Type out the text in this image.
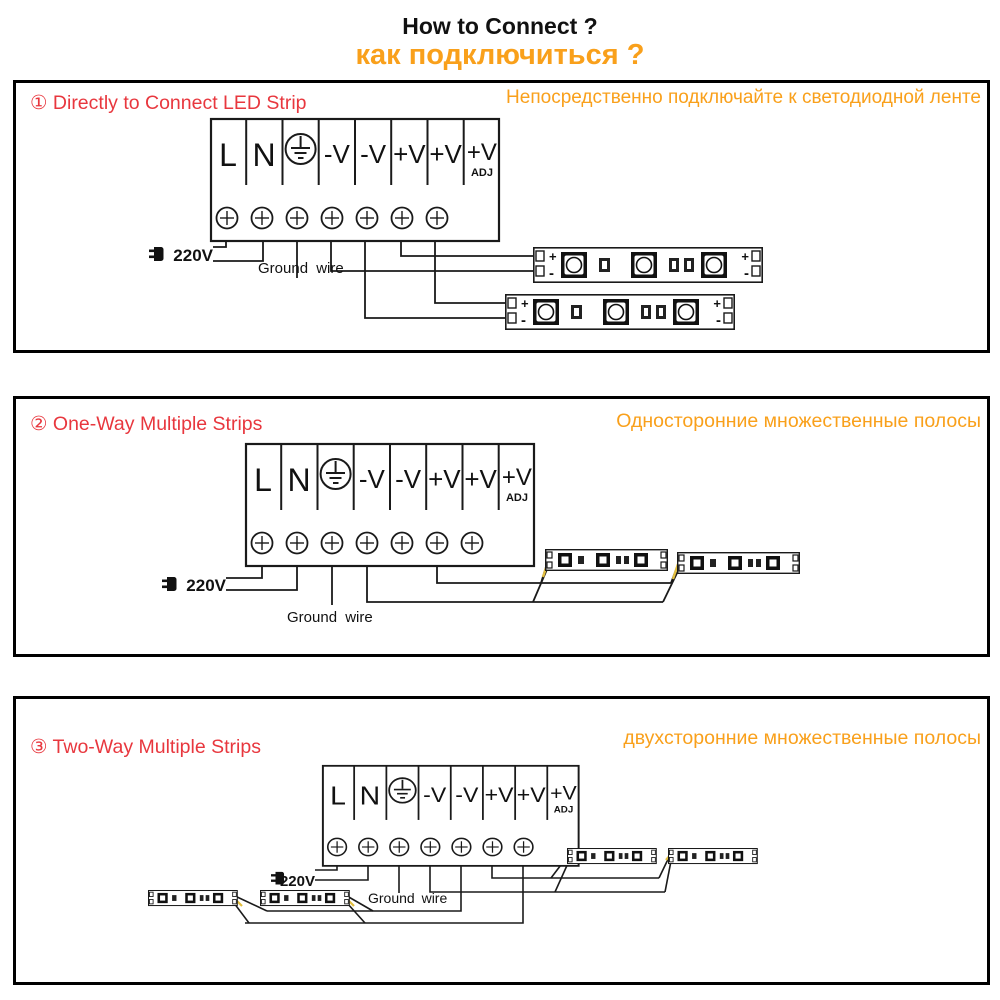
How to Connect ?
как подключиться ?
① Directly to Connect LED Strip	Непосредственно подключайте к светодиодной ленте
220V
Ground wire
② One-Way Multiple Strips	Односторонние множественные полосы
220V
Ground wire
③ Two-Way Multiple Strips	двухсторонние множественные полосы
220V
Ground wire
